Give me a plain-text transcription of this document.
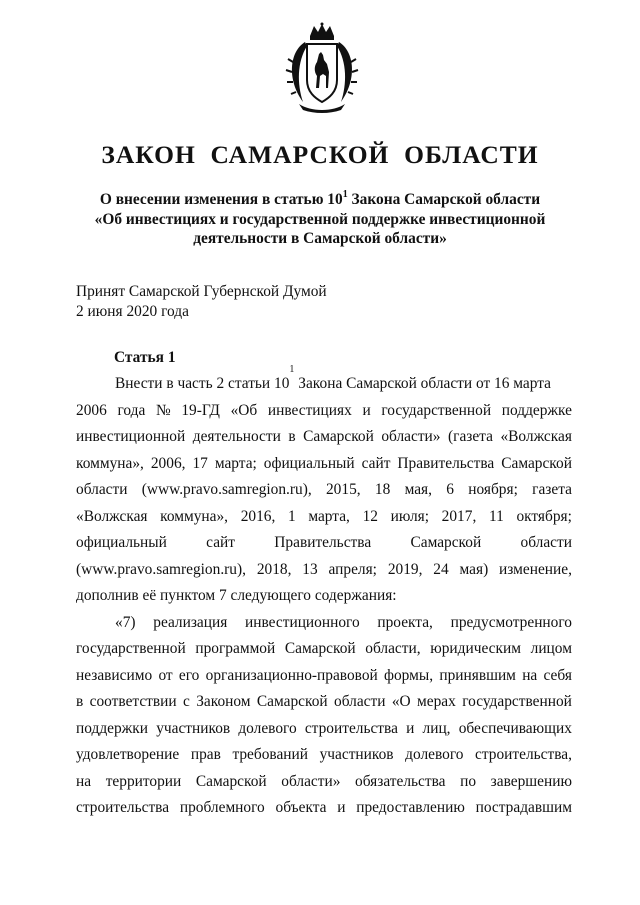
ЗАКОН  САМАРСКОЙ  ОБЛАСТИ
О внесении изменения в статью $10^1$ Закона Самарской области
«Об инвестициях и государственной поддержке инвестиционной
деятельности в Самарской области»
Принят Самарской Губернской Думой
2 июня 2020 года
Статья 1
Внести в часть 2 статьи 10
$^1$
Закона Самарской области от 16 марта
2006 года № 19-ГД «Об инвестициях и государственной поддержке
инвестиционной деятельности в Самарской области» (газета «Волжская
коммуна», 2006, 17 марта; официальный сайт Правительства Самарской
области (www.pravo.samregion.ru), 2015, 18 мая, 6 ноября; газета
«Волжская коммуна», 2016, 1 марта, 12 июля; 2017, 11 октября;
официальный	сайт	Правительства	Самарской	области
(www.pravo.samregion.ru), 2018, 13 апреля; 2019, 24 мая) изменение,
дополнив её пунктом 7 следующего содержания:
«7) реализация инвестиционного проекта, предусмотренного
государственной программой Самарской области, юридическим лицом
независимо от его организационно-правовой формы, принявшим на себя
в соответствии с Законом Самарской области «О мерах государственной
поддержки участников долевого строительства и лиц, обеспечивающих
удовлетворение прав требований участников долевого строительства,
на территории Самарской области» обязательства по завершению
строительства проблемного объекта и предоставлению пострадавшим
